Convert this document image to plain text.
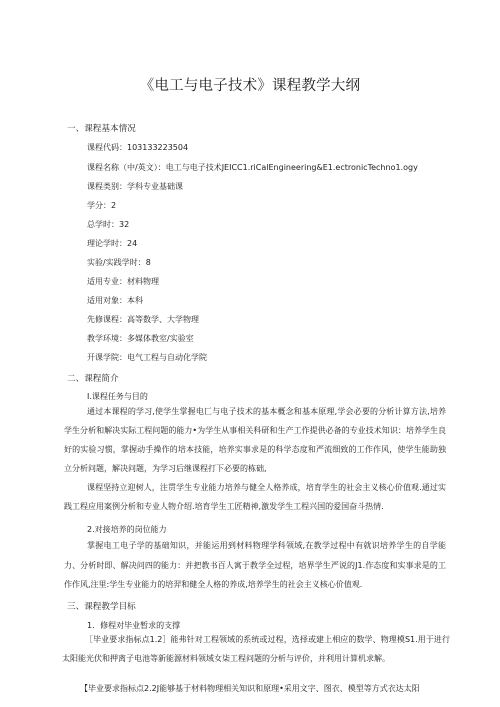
《电工与电子技术》课程教学大纲
一、课程基本情况
课程代码：103133223504
课程名称（中/英文）：电工与电子技术JEICC1.riCalEngineering&E1.ectronicTechno1.ogy
课程类别：学科专业基础课
学分：2
总学时：32
理论学时：24
实验/实践学时：8
适用专业：材料物理
适用对象：本科
先修课程：高等数学、大学物理
教学环境：多媒体教室/实验室
开课学院：电气工程与自动化学院
二、课程简介
I.课程任务与目的

通过本课程的学习,使学生掌握电匚与电子技术的基本概念和基本原理,学会必要的分析计算方法,培养学生分析和解决实际工程问题的能力•为学生从事相关科研和生产工作提供必备的专业技术知识：培养学生良好的实验习惯，掌握动手操作的培本技能，培养实事求是的科学态度和严流细致的工作作风，使学生能助独立分析问题，解决问题，为学习后继课程打下必要的栋础,

课程坚持立迎树人，注贯学生专业能力培养与健全人格养成，培育学生的社会主义核心价值观.通过实践工程应用案例分析和专业人物介绍.培育学生工匠精神,激发学生工程兴国的爱国奋斗热情.

2.对接培养的岗位能力

掌握电工电子学的基础知识，并能运用到材料物理学科领域,在教学过程中有就识培养学生的自学能力、分析时即、解决问四的能力：并把教书百人寓于教学全过程，培界学生严说的J1.作态度和实事求是的工作作风,注里:学生专业能力的培羿和健全人格的养成,培养学生的社会主义核心价值观.

三、课程教学目标
1．修程对毕业暂求的支撑

［毕业要求指标点1.2］能弗针对工程领域的系统或过程，选择或建上相应的数学、物理模S1.用于进行太阳能光伏和押离子电池等新能源材料领域女柒工程问题的分析与评价，并利用计算机求解。

【毕业要求指标点2.2J能够基于材料物理相关知识和原理•采用文字、图衣、模型等方式衣达太阳
